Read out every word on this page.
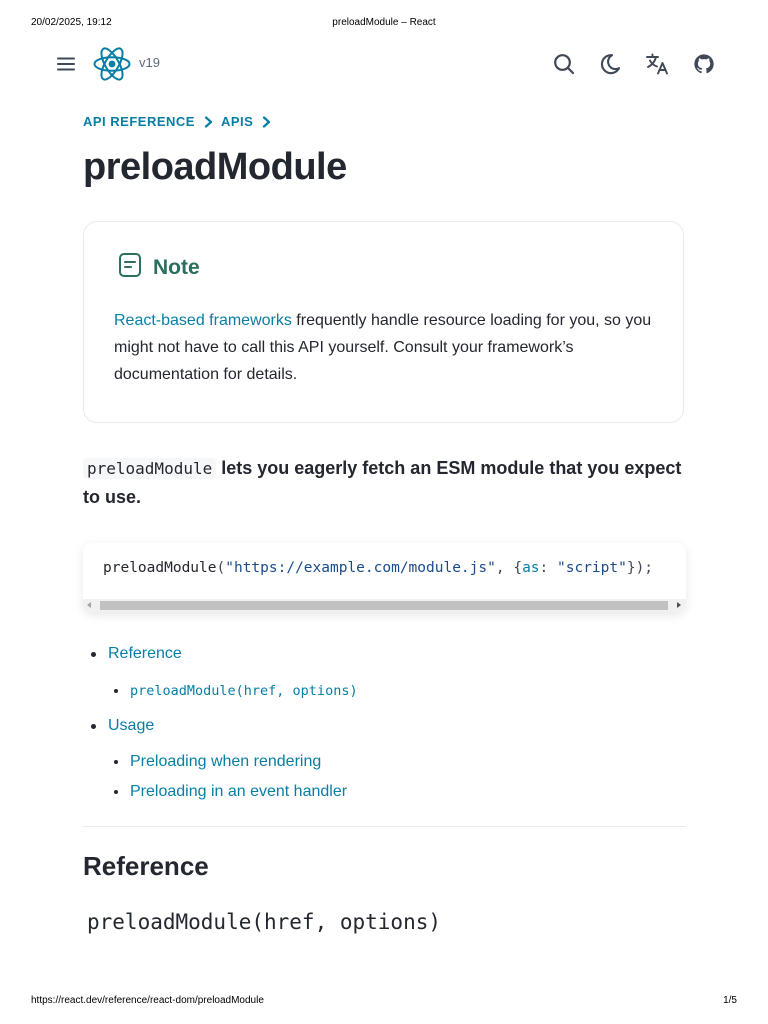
20/02/2025, 19:12	preloadModule – React
v19
API REFERENCE APIS
preloadModule
Note
React-based frameworks frequently handle resource loading for you, so you might not have to call this API yourself. Consult your framework’s documentation for details.

preloadModule lets you eagerly fetch an ESM module that you expect to use.

preloadModule("https://example.com/module.js", {as: "script"});
Reference
preloadModule(href, options)
Usage
Preloading when rendering
Preloading in an event handler
Reference
preloadModule(href, options)
https://react.dev/reference/react-dom/preloadModule	1/5
